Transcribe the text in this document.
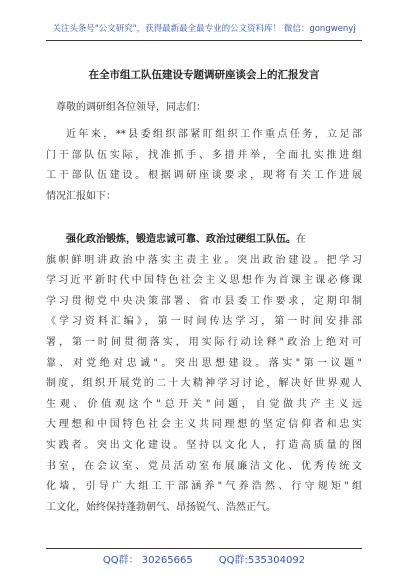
关注头条号"公文研究"，获得最新最全最专业的公文资料库！ 微信：gongwenyj
在全市组工队伍建设专题调研座谈会上的汇报发言
尊敬的调研组各位领导，同志们：
近年来，**县委组织部紧盯组织工作重点任务，立足部
门干部队伍实际，找准抓手、多措并举，全面扎实推进组
工干部队伍建设。根据调研座谈要求，现将有关工作进展
情况汇报如下：
强化政治锻炼，锻造忠诚可靠、政治过硬组工队伍。在
旗帜鲜明讲政治中落实主责主业。突出政治建设。把学习
学习近平新时代中国特色社会主义思想作为首课主课必修课
学习贯彻党中央决策部署、省市县委工作要求，定期印制
《学习资料汇编》，第一时间传达学习，第一时间安排部
署，第一时间贯彻落实，用实际行动诠释"政治上绝对可
靠、对党绝对忠诚"。突出思想建设。落实"第一议题"
制度，组织开展党的二十大精神学习讨论，解决好世界观人
生观、价值观这个"总开关"问题，自觉做共产主义远
大理想和中国特色社会主义共同理想的坚定信仰者和忠实
实践者。突出文化建设。坚持以文化人，打造高质量的图
书室，在会议室、党员活动室布展廉洁文化、优秀传统文
化墙，引导广大组工干部涵养"气养浩然、行守规矩"组
工文化，始终保持蓬勃朝气、昂扬锐气、浩然正气。
QQ群： 30265665	QQ群:535304092
